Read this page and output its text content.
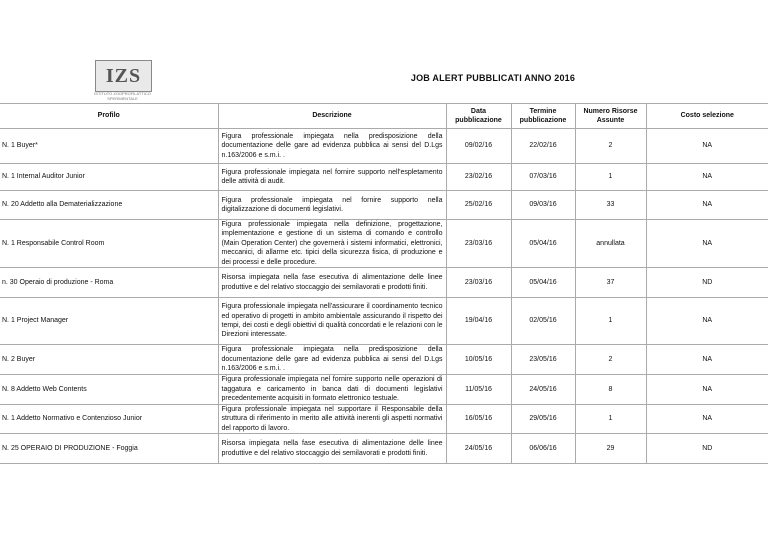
IZS
ISTITUTO ZOOPROFILATTICO SPERIMENTALE
JOB ALERT PUBBLICATI ANNO 2016
Profilo	Descrizione	Data pubblicazione	Termine pubblicazione	Numero Risorse Assunte	Costo selezione
N. 1 Buyer*	Figura professionale impiegata nella predisposizione della documentazione delle gare ad evidenza pubblica ai sensi del D.Lgs n.163/2006 e s.m.i. .	09/02/16	22/02/16	2	NA
N. 1 Internal Auditor Junior	Figura professionale impiegata nel fornire supporto nell'espletamento delle attività di audit.	23/02/16	07/03/16	1	NA
N. 20 Addetto alla Dematerializzazione	Figura professionale impiegata nel fornire supporto nella digitalizzazione di documenti legislativi.	25/02/16	09/03/16	33	NA
N. 1 Responsabile Control Room	Figura professionale impiegata nella definizione, progettazione, implementazione e gestione di un sistema di comando e controllo (Main Operation Center) che governerà i sistemi informatici, elettronici, meccanici, di allarme etc. tipici della sicurezza fisica, di produzione e dei processi e delle procedure.	23/03/16	05/04/16	annullata	NA
n. 30 Operaio di produzione - Roma	Risorsa impiegata nella fase esecutiva di alimentazione delle linee produttive e del relativo stoccaggio dei semilavorati e prodotti finiti.	23/03/16	05/04/16	37	ND
N. 1 Project Manager	Figura professionale impiegata nell'assicurare il coordinamento tecnico ed operativo di progetti in ambito ambientale assicurando il rispetto dei tempi, dei costi e degli obiettivi di qualità concordati e le relazioni con le Direzioni interessate.	19/04/16	02/05/16	1	NA
N. 2 Buyer	Figura professionale impiegata nella predisposizione della documentazione delle gare ad evidenza pubblica ai sensi del D.Lgs n.163/2006 e s.m.i. .	10/05/16	23/05/16	2	NA
N. 8 Addetto Web Contents	Figura professionale impiegata nel fornire supporto nelle operazioni di taggatura e caricamento in banca dati di documenti legislativi precedentemente acquisiti in formato elettronico testuale.	11/05/16	24/05/16	8	NA
N. 1 Addetto Normativo e Contenzioso Junior	Figura professionale impiegata nel supportare il Responsabile della struttura di riferimento in merito alle attività inerenti gli aspetti normativi del rapporto di lavoro.	16/05/16	29/05/16	1	NA
N. 25 OPERAIO DI PRODUZIONE - Foggia	Risorsa impiegata nella fase esecutiva di alimentazione delle linee produttive e del relativo stoccaggio dei semilavorati e prodotti finiti.	24/05/16	06/06/16	29	ND
